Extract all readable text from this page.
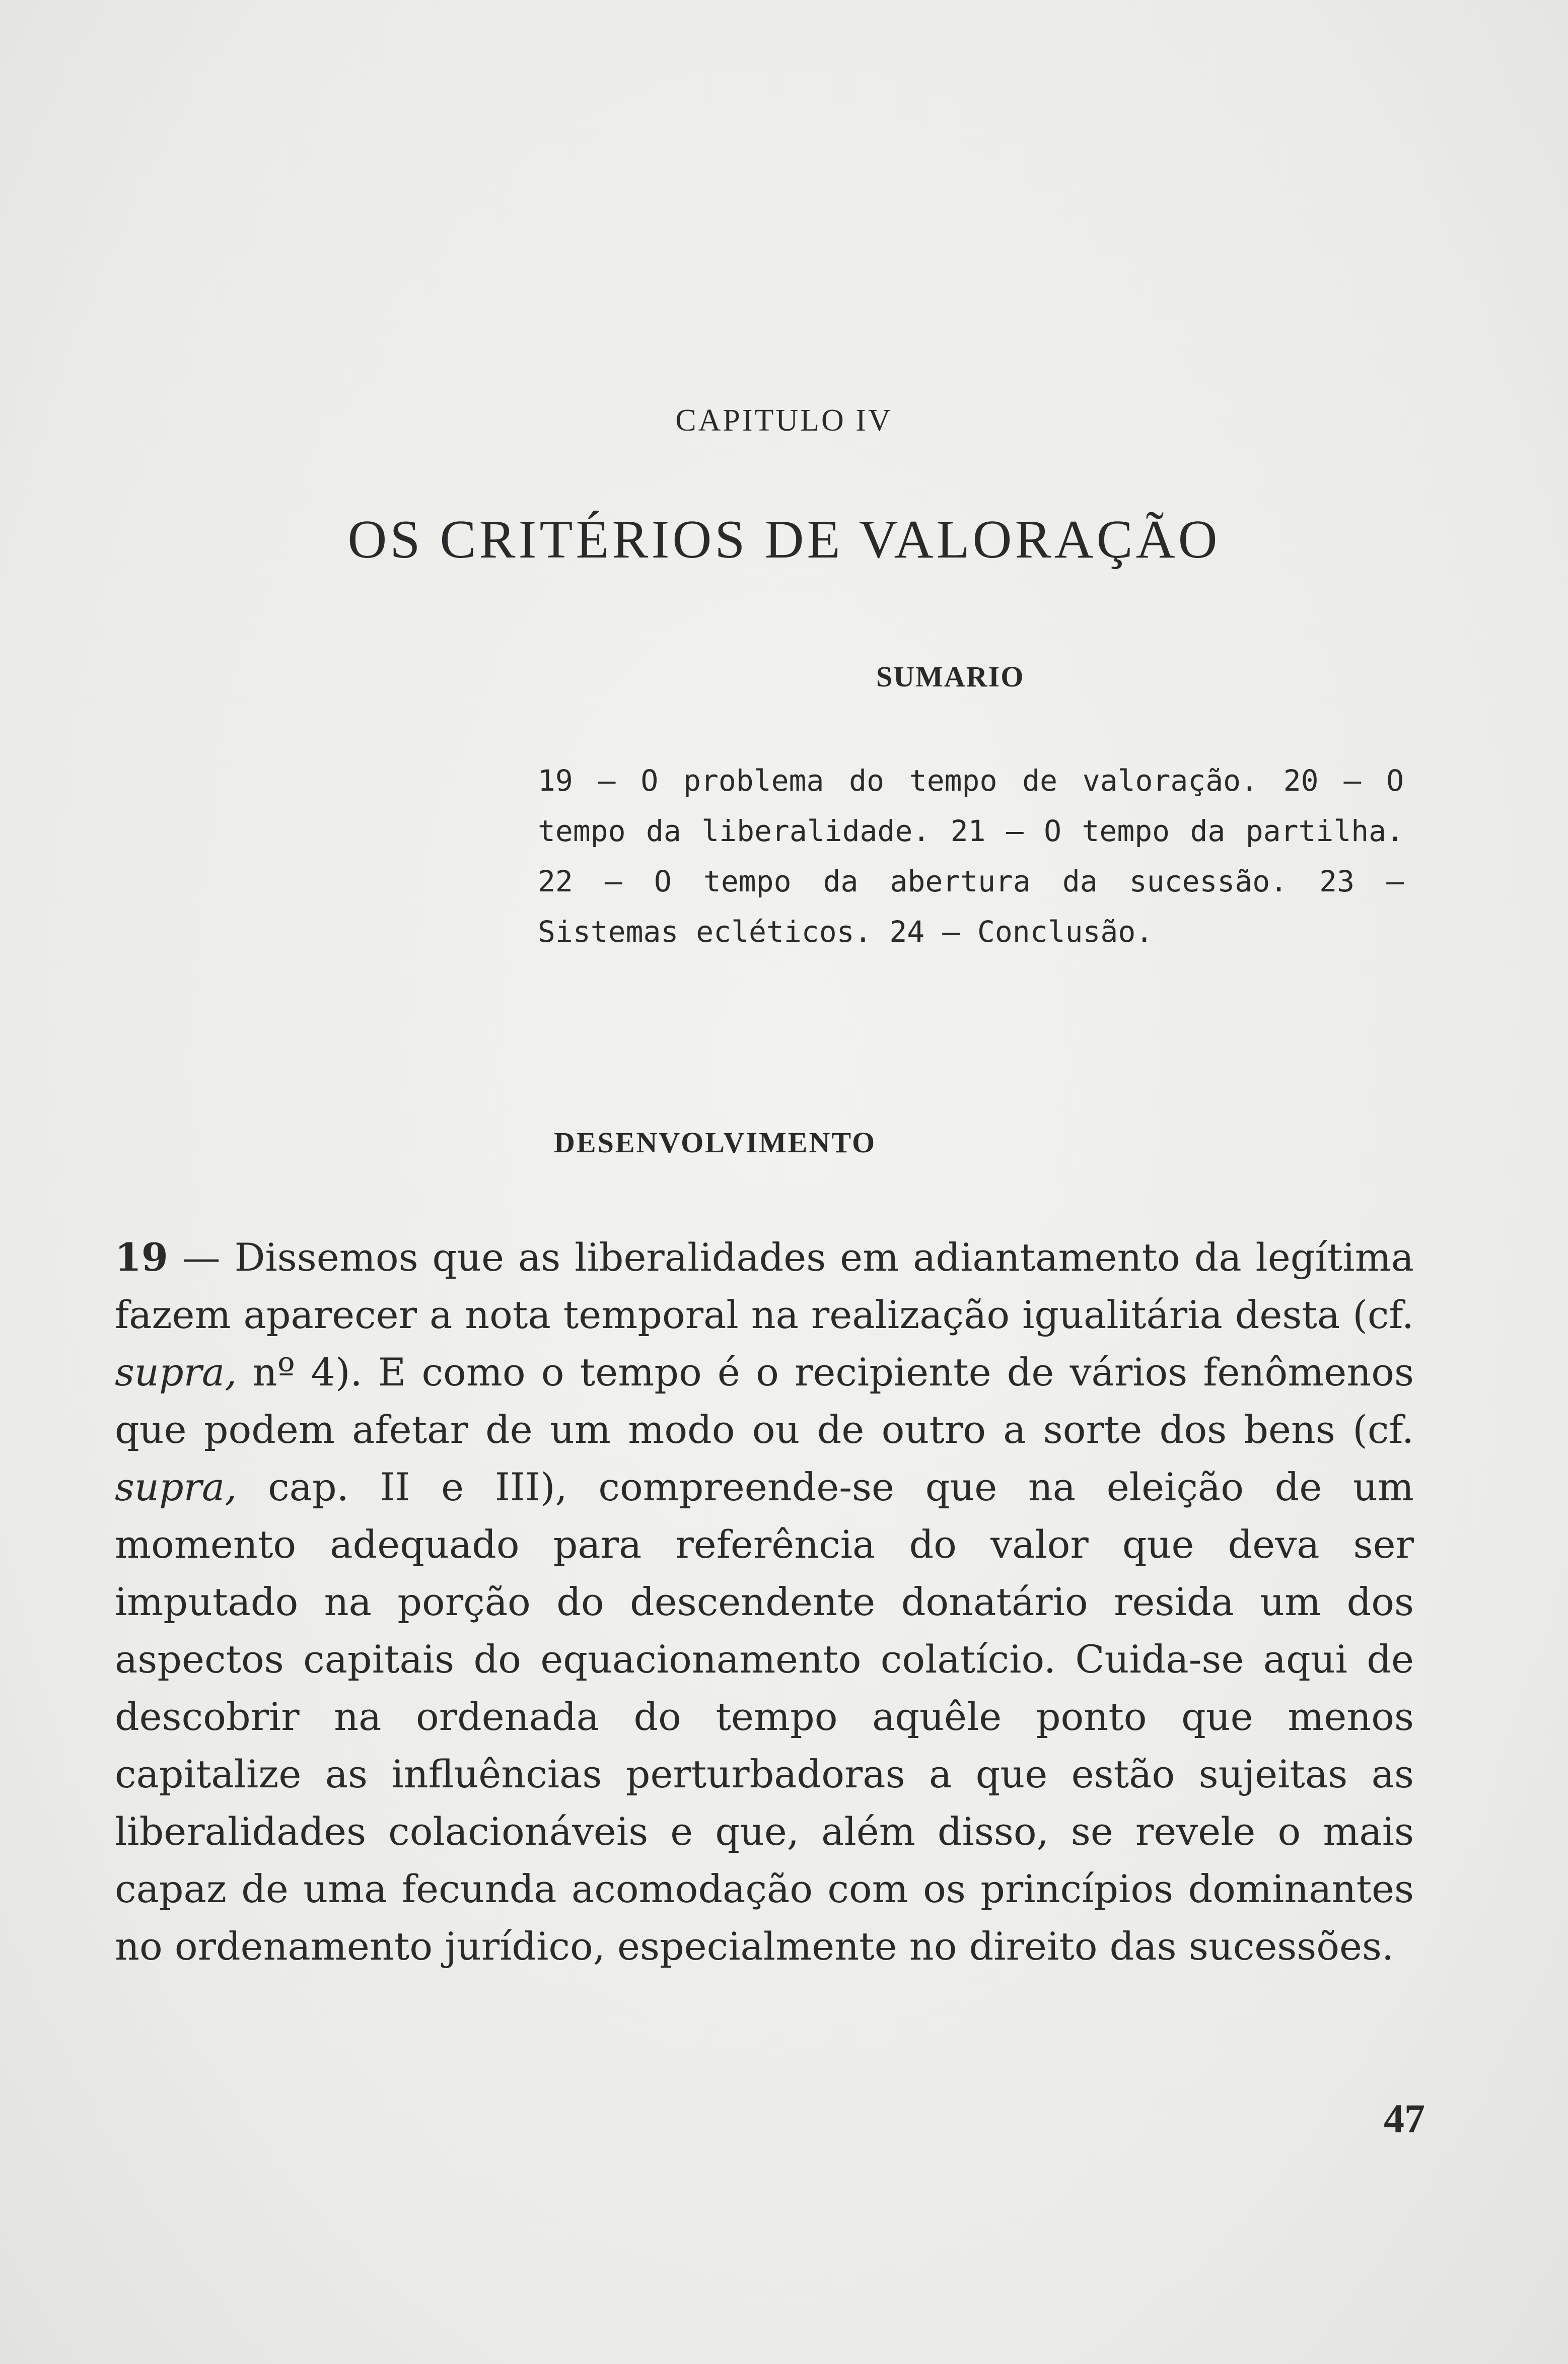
CAPITULO IV
OS CRITÉRIOS DE VALORAÇÃO
SUMARIO
19 — O problema do tempo de valoração. 20 — O tempo da liberalidade. 21 — O tempo da partilha. 22 — O tempo da abertura da sucessão. 23 — Sistemas ecléticos. 24 — Conclusão.
DESENVOLVIMENTO
19 — Dissemos que as liberalidades em adiantamento da legítima fazem aparecer a nota temporal na realização igualitária desta (cf. supra, nº 4). E como o tempo é o recipiente de vários fenômenos que podem afetar de um modo ou de outro a sorte dos bens (cf. supra, cap. II e III), compreende-se que na eleição de um momento adequado para referência do valor que deva ser imputado na porção do descendente donatário resida um dos aspectos capitais do equacionamento colatício. Cuida-se aqui de descobrir na ordenada do tempo aquêle ponto que menos capitalize as influências perturbadoras a que estão sujeitas as liberalidades colacionáveis e que, além disso, se revele o mais capaz de uma fecunda acomodação com os princípios dominantes no ordenamento jurídico, especialmente no direito das sucessões.
47
